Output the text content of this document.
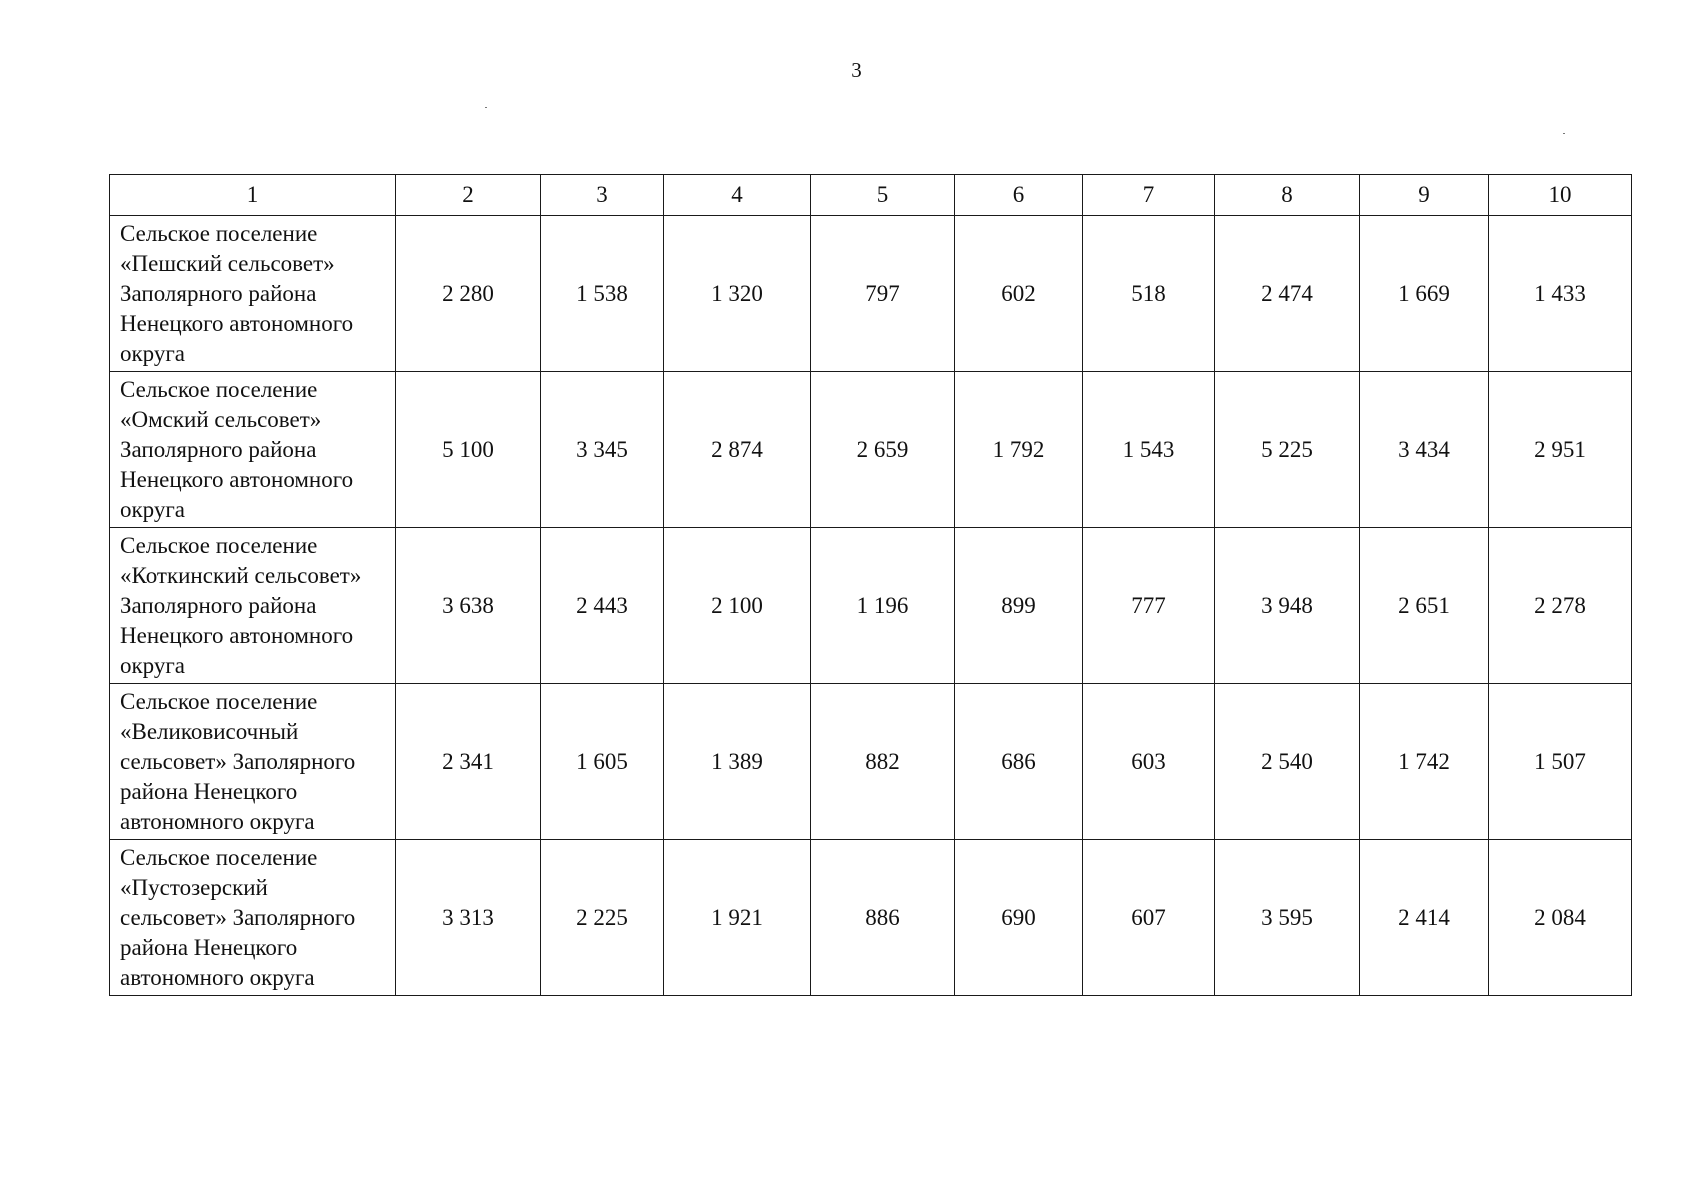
3
1	2	3	4	5	6	7	8	9	10

Сельское поселение
«Пешский сельсовет»
Заполярного района
Ненецкого автономного
округа	2 280	1 538	1 320	797	602	518	2 474	1 669	1 433

Сельское поселение
«Омский сельсовет»
Заполярного района
Ненецкого автономного
округа	5 100	3 345	2 874	2 659	1 792	1 543	5 225	3 434	2 951

Сельское поселение
«Коткинский сельсовет»
Заполярного района
Ненецкого автономного
округа	3 638	2 443	2 100	1 196	899	777	3 948	2 651	2 278

Сельское поселение
«Великовисочный
сельсовет» Заполярного
района Ненецкого
автономного округа	2 341	1 605	1 389	882	686	603	2 540	1 742	1 507

Сельское поселение
«Пустозерский
сельсовет» Заполярного
района Ненецкого
автономного округа	3 313	2 225	1 921	886	690	607	3 595	2 414	2 084
